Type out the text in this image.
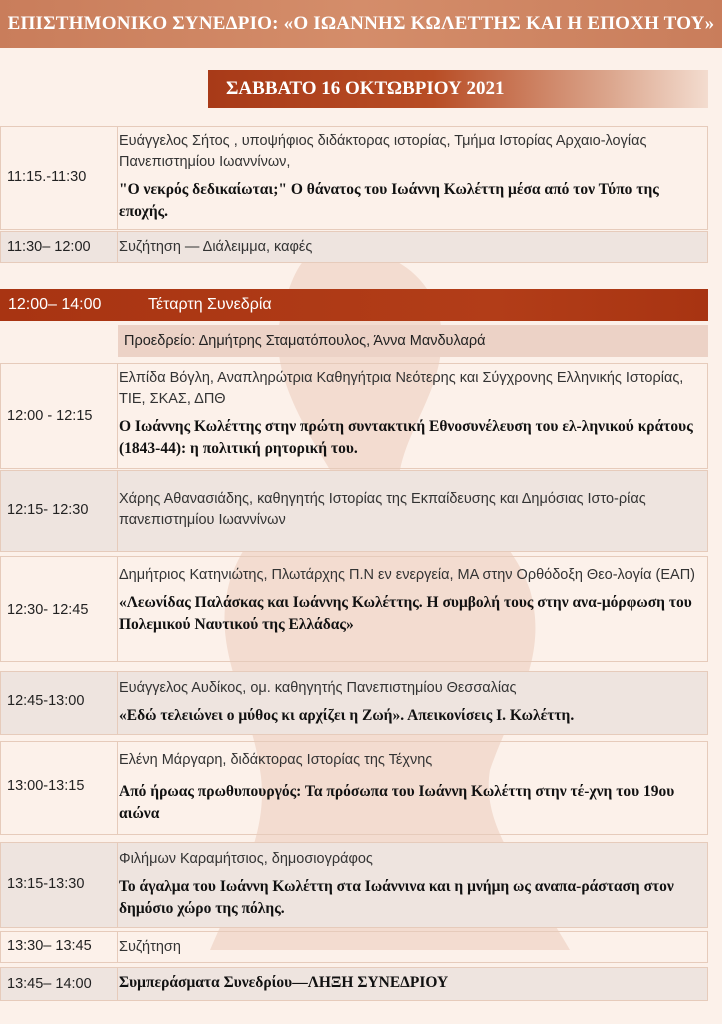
ΕΠΙΣΤΗΜΟΝΙΚΟ ΣΥΝΕΔΡΙΟ: «Ο ΙΩΑΝΝΗΣ ΚΩΛΕΤΤΗΣ ΚΑΙ Η ΕΠΟΧΗ ΤΟΥ»
ΣΑΒΒΑΤΟ 16 ΟΚΤΩΒΡΙΟΥ 2021
11:15.-11:30

Ευάγγελος Σήτος , υποψήφιος διδάκτορας ιστορίας, Τμήμα Ιστορίας Αρχαιο-λογίας Πανεπιστημίου Ιωαννίνων,

"Ο νεκρός δεδικαίωται;" Ο θάνατος του Ιωάννη Κωλέττη μέσα από τον Τύπο της εποχής.

11:30– 12:00 Συζήτηση — Διάλειμμα, καφές

12:00– 14:00	Τέταρτη Συνεδρία
Προεδρείο: Δημήτρης Σταματόπουλος, Άννα Μανδυλαρά
12:00 - 12:15

Ελπίδα Βόγλη, Αναπληρώτρια Καθηγήτρια Νεότερης και Σύγχρονης Ελληνικής Ιστορίας, ΤΙΕ, ΣΚΑΣ, ΔΠΘ

Ο Ιωάννης Κωλέττης στην πρώτη συντακτική Εθνοσυνέλευση του ελ-ληνικού κράτους (1843-44): η πολιτική ρητορική του.

12:15- 12:30

Χάρης Αθανασιάδης, καθηγητής Ιστορίας της Εκπαίδευσης και Δημόσιας Ιστο-ρίας πανεπιστημίου Ιωαννίνων

12:30- 12:45

Δημήτριος Κατηνιώτης, Πλωτάρχης Π.Ν εν ενεργεία, ΜΑ στην Ορθόδοξη Θεο-λογία (ΕΑΠ)

«Λεωνίδας Παλάσκας και Ιωάννης Κωλέττης. Η συμβολή τους στην ανα-μόρφωση του Πολεμικού Ναυτικού της Ελλάδας»

12:45-13:00

Ευάγγελος Αυδίκος, ομ. καθηγητής Πανεπιστημίου Θεσσαλίας

«Εδώ τελειώνει ο μύθος κι αρχίζει η Ζωή». Απεικονίσεις Ι. Κωλέττη.

13:00-13:15

Ελένη Μάργαρη, διδάκτορας Ιστορίας της Τέχνης

Από ήρωας πρωθυπουργός: Τα πρόσωπα του Ιωάννη Κωλέττη στην τέ-χνη του 19ου αιώνα

13:15-13:30

Φιλήμων Καραμήτσιος, δημοσιογράφος

Το άγαλμα του Ιωάννη Κωλέττη στα Ιωάννινα και η μνήμη ως αναπα-ράσταση στον δημόσιο χώρο της πόλης.

13:30– 13:45 Συζήτηση

13:45– 14:00 Συμπεράσματα Συνεδρίου—ΛΗΞΗ ΣΥΝΕΔΡΙΟΥ
